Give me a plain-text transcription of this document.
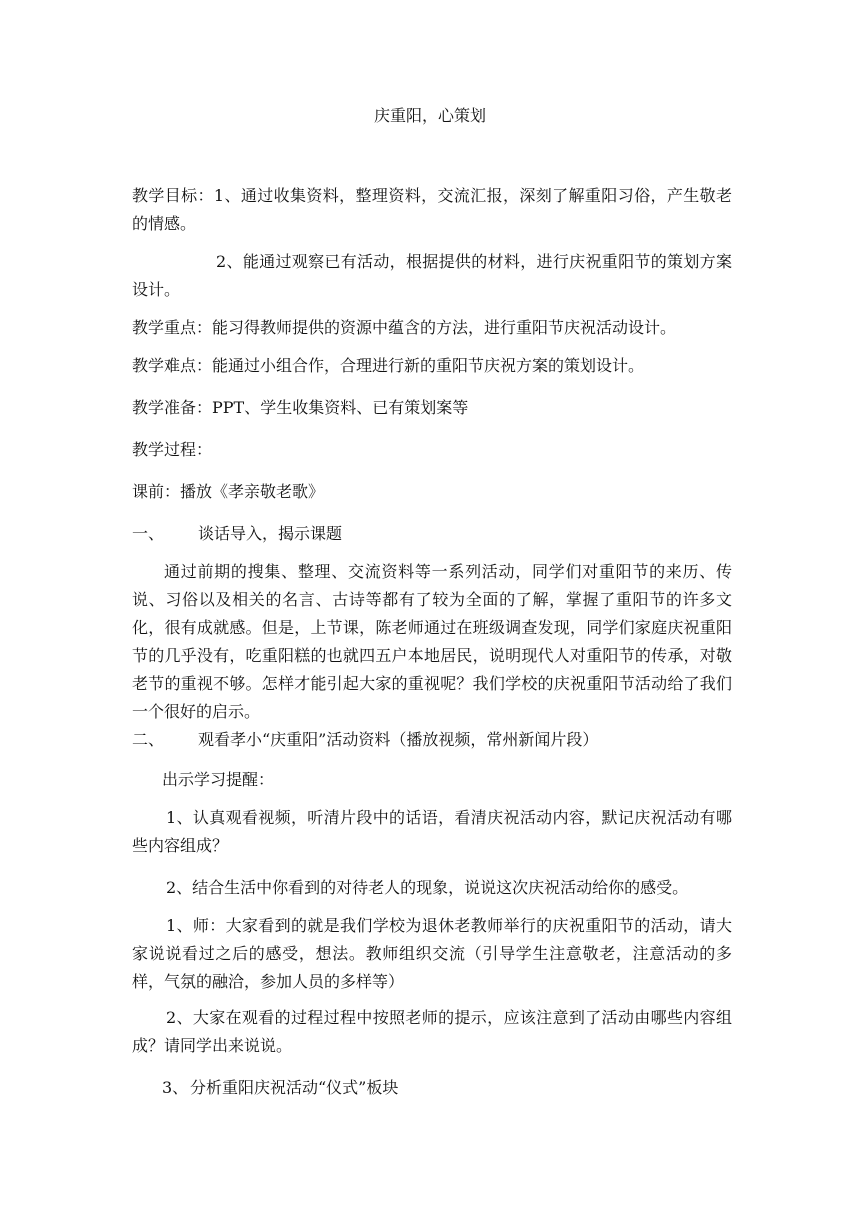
庆重阳，心策划

教学目标：1、通过收集资料，整理资料，交流汇报，深刻了解重阳习俗，产生敬老的情感。

2、能通过观察已有活动，根据提供的材料，进行庆祝重阳节的策划方案设计。

教学重点：能习得教师提供的资源中蕴含的方法，进行重阳节庆祝活动设计。

教学难点：能通过小组合作，合理进行新的重阳节庆祝方案的策划设计。

教学准备：PPT、学生收集资料、已有策划案等

教学过程：

课前：播放《孝亲敬老歌》

一、 谈话导入，揭示课题

通过前期的搜集、整理、交流资料等一系列活动，同学们对重阳节的来历、传说、习俗以及相关的名言、古诗等都有了较为全面的了解，掌握了重阳节的许多文化，很有成就感。但是，上节课，陈老师通过在班级调查发现，同学们家庭庆祝重阳节的几乎没有，吃重阳糕的也就四五户本地居民，说明现代人对重阳节的传承，对敬老节的重视不够。怎样才能引起大家的重视呢？我们学校的庆祝重阳节活动给了我们一个很好的启示。

二、 观看孝小“庆重阳”活动资料（播放视频，常州新闻片段）

出示学习提醒：

1、认真观看视频，听清片段中的话语，看清庆祝活动内容，默记庆祝活动有哪些内容组成？

2、结合生活中你看到的对待老人的现象，说说这次庆祝活动给你的感受。

1、师：大家看到的就是我们学校为退休老教师举行的庆祝重阳节的活动，请大家说说看过之后的感受，想法。教师组织交流（引导学生注意敬老，注意活动的多样，气氛的融洽，参加人员的多样等）

2、大家在观看的过程过程中按照老师的提示，应该注意到了活动由哪些内容组成？请同学出来说说。

3、 分析重阳庆祝活动“仪式”板块
